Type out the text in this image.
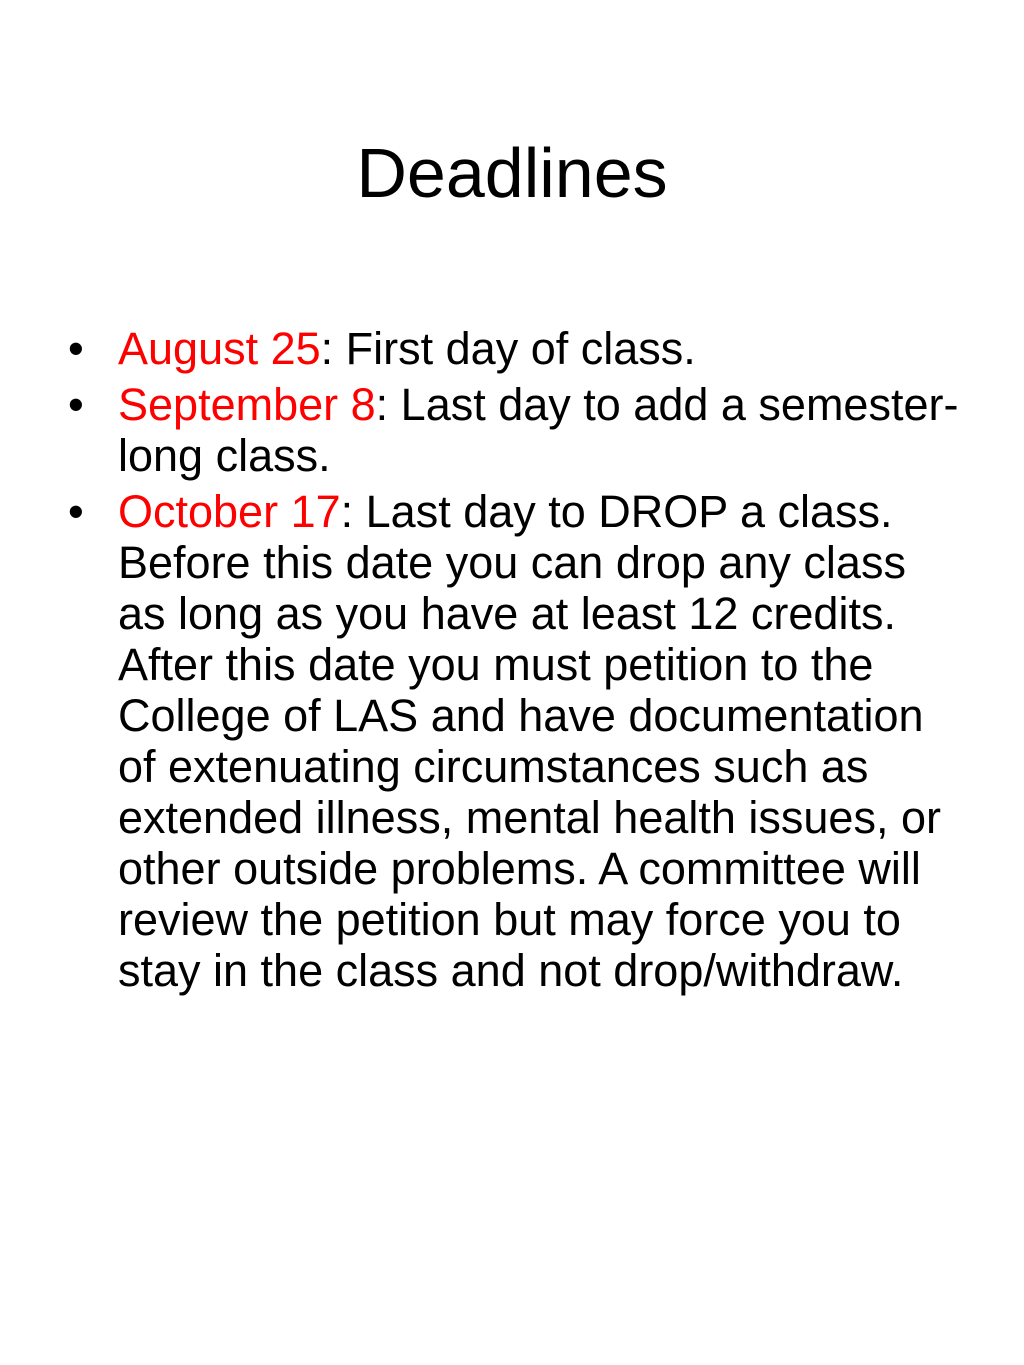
Deadlines
• August 25: First day of class.
• September 8: Last day to add a semester-long class.
• October 17: Last day to DROP a class. Before this date you can drop any class as long as you have at least 12 credits. After this date you must petition to the College of LAS and have documentation of extenuating circumstances such as extended illness, mental health issues, or other outside problems. A committee will review the petition but may force you to stay in the class and not drop/withdraw.
